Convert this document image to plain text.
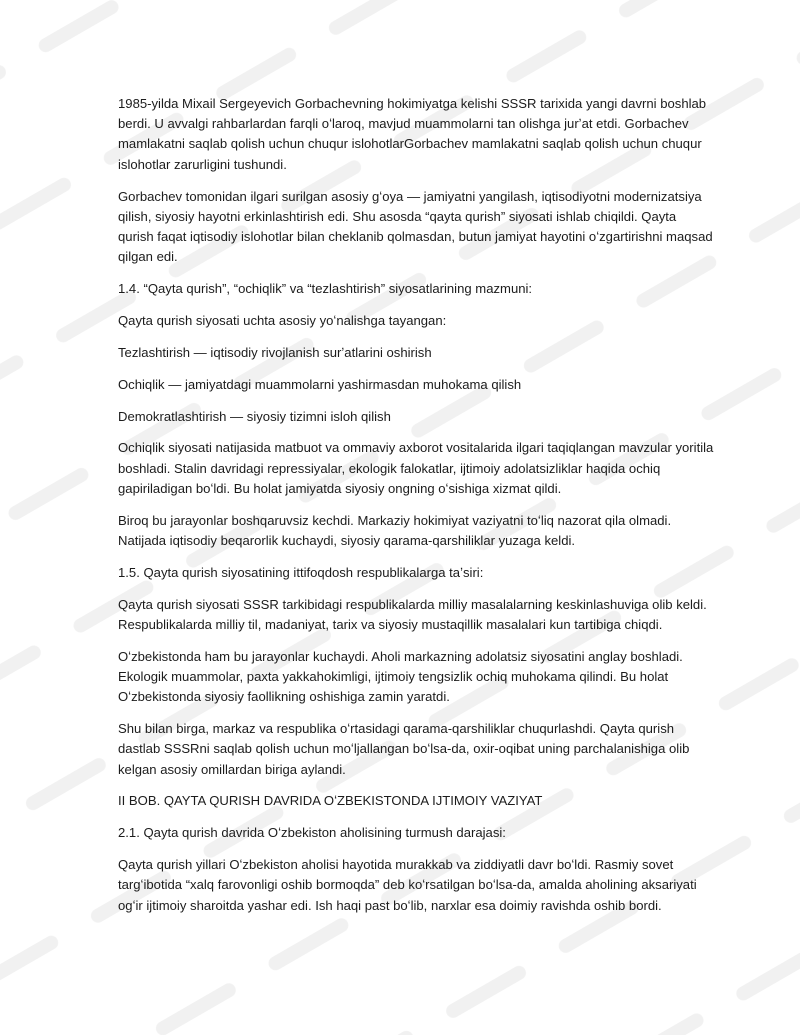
1985-yilda Mixail Sergeyevich Gorbachevning hokimiyatga kelishi SSSR tarixida yangi davrni boshlab berdi. U avvalgi rahbarlardan farqli oʻlaroq, mavjud muammolarni tan olishga jurʼat etdi. Gorbachev mamlakatni saqlab qolish uchun chuqur islohotlarGorbachev mamlakatni saqlab qolish uchun chuqur islohotlar zarurligini tushundi.

Gorbachev tomonidan ilgari surilgan asosiy gʻoya — jamiyatni yangilash, iqtisodiyotni modernizatsiya qilish, siyosiy hayotni erkinlashtirish edi. Shu asosda “qayta qurish” siyosati ishlab chiqildi. Qayta qurish faqat iqtisodiy islohotlar bilan cheklanib qolmasdan, butun jamiyat hayotini oʻzgartirishni maqsad qilgan edi.

1.4. “Qayta qurish”, “ochiqlik” va “tezlashtirish” siyosatlarining mazmuni:

Qayta qurish siyosati uchta asosiy yoʻnalishga tayangan:

Tezlashtirish — iqtisodiy rivojlanish surʼatlarini oshirish

Ochiqlik — jamiyatdagi muammolarni yashirmasdan muhokama qilish

Demokratlashtirish — siyosiy tizimni isloh qilish

Ochiqlik siyosati natijasida matbuot va ommaviy axborot vositalarida ilgari taqiqlangan mavzular yoritila boshladi. Stalin davridagi repressiyalar, ekologik falokatlar, ijtimoiy adolatsizliklar haqida ochiq gapiriladigan boʻldi. Bu holat jamiyatda siyosiy ongning oʻsishiga xizmat qildi.

Biroq bu jarayonlar boshqaruvsiz kechdi. Markaziy hokimiyat vaziyatni toʻliq nazorat qila olmadi. Natijada iqtisodiy beqarorlik kuchaydi, siyosiy qarama-qarshiliklar yuzaga keldi.

1.5. Qayta qurish siyosatining ittifoqdosh respublikalarga taʼsiri:

Qayta qurish siyosati SSSR tarkibidagi respublikalarda milliy masalalarning keskinlashuviga olib keldi. Respublikalarda milliy til, madaniyat, tarix va siyosiy mustaqillik masalalari kun tartibiga chiqdi.

Oʻzbekistonda ham bu jarayonlar kuchaydi. Aholi markazning adolatsiz siyosatini anglay boshladi. Ekologik muammolar, paxta yakkahokimligi, ijtimoiy tengsizlik ochiq muhokama qilindi. Bu holat Oʻzbekistonda siyosiy faollikning oshishiga zamin yaratdi.

Shu bilan birga, markaz va respublika oʻrtasidagi qarama-qarshiliklar chuqurlashdi. Qayta qurish dastlab SSSRni saqlab qolish uchun moʻljallangan boʻlsa-da, oxir-oqibat uning parchalanishiga olib kelgan asosiy omillardan biriga aylandi.

II BOB. QAYTA QURISH DAVRIDA OʻZBEKISTONDA IJTIMOIY VAZIYAT

2.1. Qayta qurish davrida Oʻzbekiston aholisining turmush darajasi:

Qayta qurish yillari Oʻzbekiston aholisi hayotida murakkab va ziddiyatli davr boʻldi. Rasmiy sovet targʻibotida “xalq farovonligi oshib bormoqda” deb koʻrsatilgan boʻlsa-da, amalda aholining aksariyati ogʻir ijtimoiy sharoitda yashar edi. Ish haqi past boʻlib, narxlar esa doimiy ravishda oshib bordi.
